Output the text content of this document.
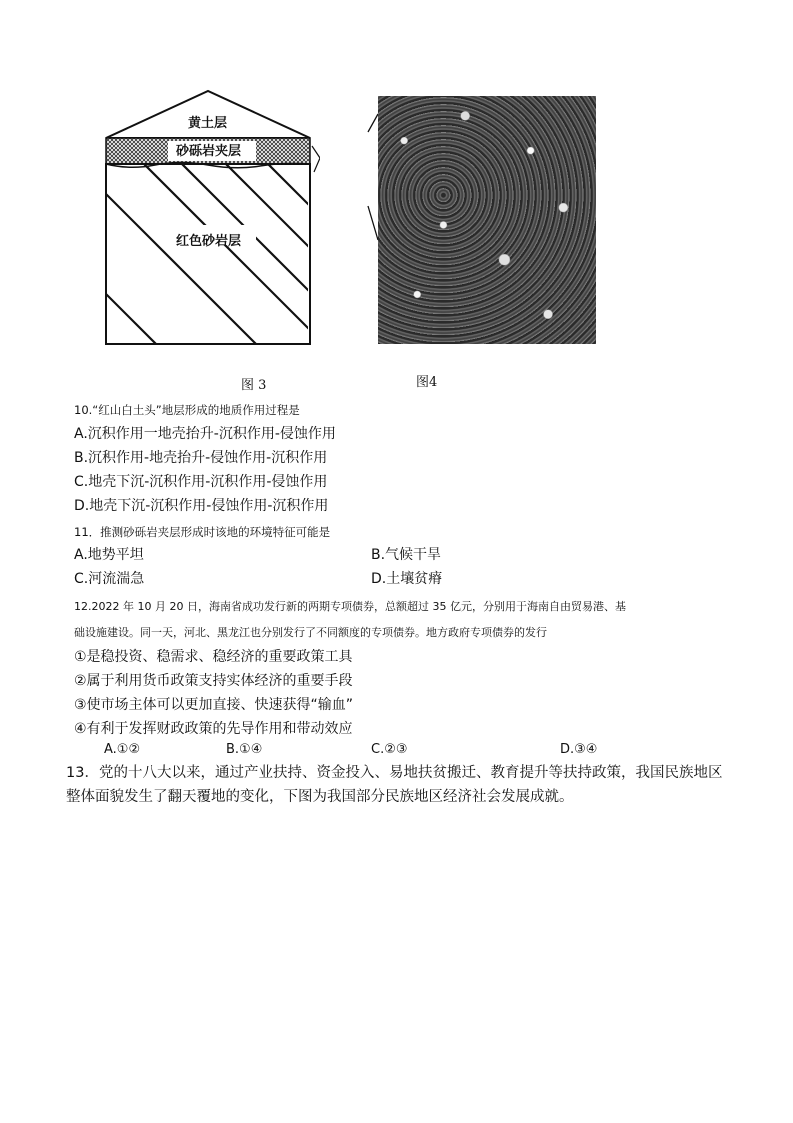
黄土层
砂砾岩夹层
红色砂岩层
图 3	图4
10.“红山白土头”地层形成的地质作用过程是
A.沉积作用一地壳抬升-沉积作用-侵蚀作用
B.沉积作用-地壳抬升-侵蚀作用-沉积作用
C.地壳下沉-沉积作用-沉积作用-侵蚀作用
D.地壳下沉-沉积作用-侵蚀作用-沉积作用
11．推测砂砾岩夹层形成时该地的环境特征可能是
A.地势平坦	B.气候干旱
C.河流湍急	D.土壤贫瘠
12.2022 年 10 月 20 日，海南省成功发行新的两期专项债券，总额超过 35 亿元，分别用于海南自由贸易港、基
础设施建设。同一天，河北、黑龙江也分别发行了不同额度的专项债券。地方政府专项债券的发行
①是稳投资、稳需求、稳经济的重要政策工具
②属于利用货币政策支持实体经济的重要手段
③使市场主体可以更加直接、快速获得“输血”
④有利于发挥财政政策的先导作用和带动效应
A.①②	B.①④	C.②③	D.③④
13．党的十八大以来，通过产业扶持、资金投入、易地扶贫搬迁、教育提升等扶持政策，我国民族地区
整体面貌发生了翻天覆地的变化，下图为我国部分民族地区经济社会发展成就。
